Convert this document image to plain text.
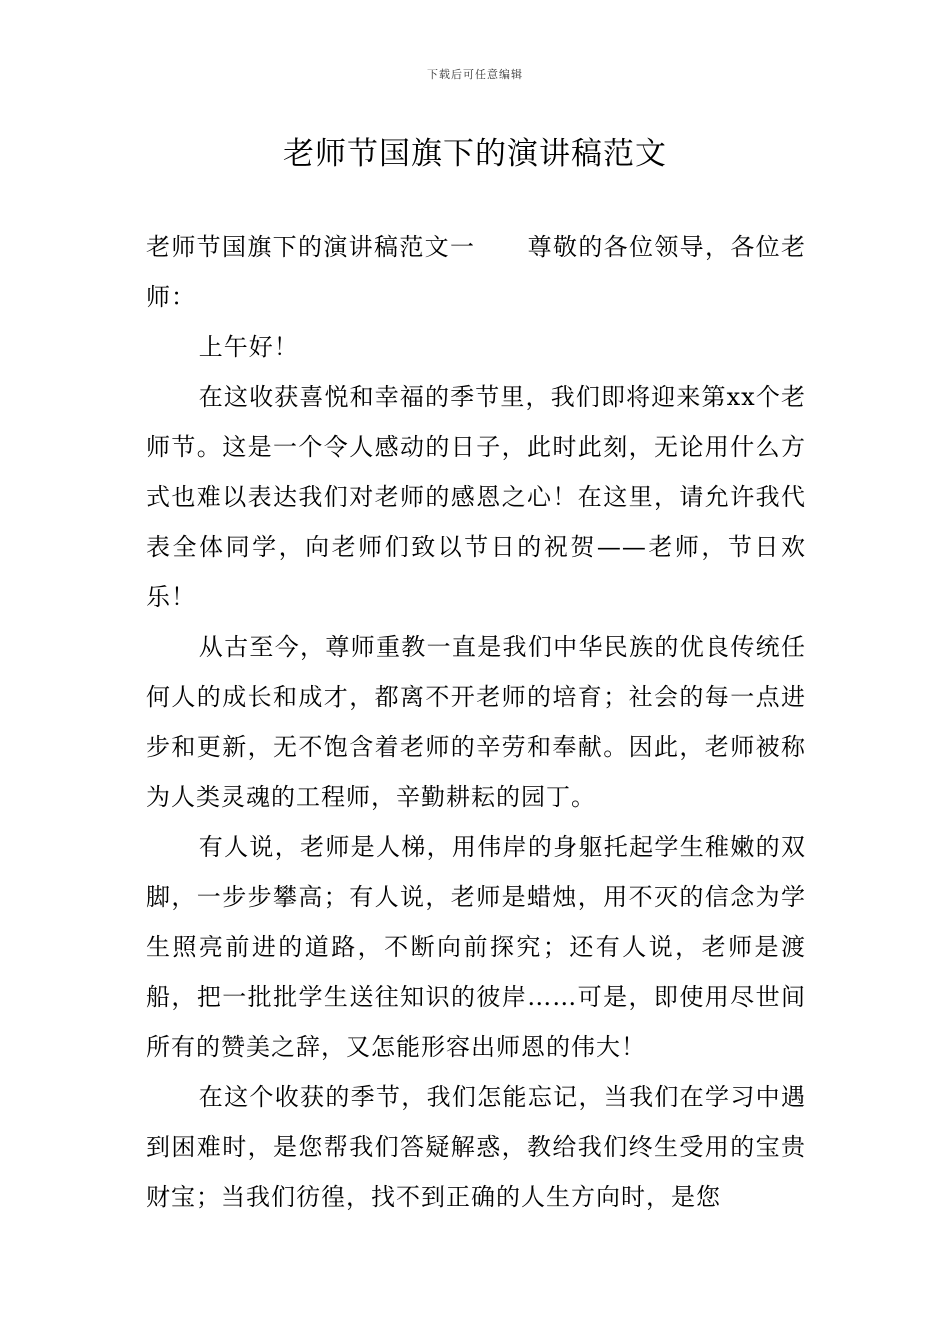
下载后可任意编辑
老师节国旗下的演讲稿范文

老师节国旗下的演讲稿范文一 尊敬的各位领导，各位老师：

上午好！

在这收获喜悦和幸福的季节里，我们即将迎来第xx个老师节。这是一个令人感动的日子，此时此刻，无论用什么方式也难以表达我们对老师的感恩之心！在这里，请允许我代表全体同学，向老师们致以节日的祝贺——老师，节日欢乐！

从古至今，尊师重教一直是我们中华民族的优良传统任何人的成长和成才，都离不开老师的培育；社会的每一点进步和更新，无不饱含着老师的辛劳和奉献。因此，老师被称为人类灵魂的工程师，辛勤耕耘的园丁。

有人说，老师是人梯，用伟岸的身躯托起学生稚嫩的双脚，一步步攀高；有人说，老师是蜡烛，用不灭的信念为学生照亮前进的道路，不断向前探究；还有人说，老师是渡船，把一批批学生送往知识的彼岸……可是，即使用尽世间所有的赞美之辞，又怎能形容出师恩的伟大！

在这个收获的季节，我们怎能忘记，当我们在学习中遇到困难时，是您帮我们答疑解惑，教给我们终生受用的宝贵财宝；当我们彷徨，找不到正确的人生方向时，是您
